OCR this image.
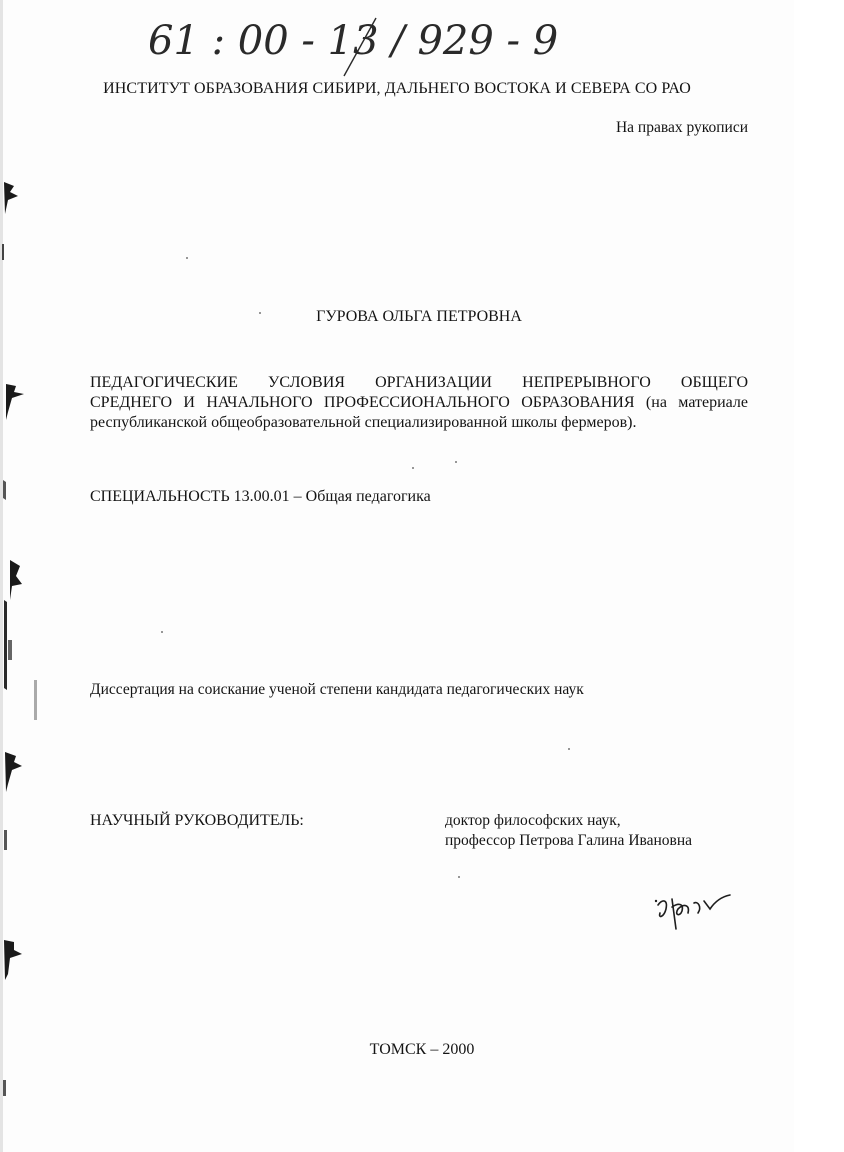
61 : 00 - 13 / 929 - 9
ИНСТИТУТ ОБРАЗОВАНИЯ СИБИРИ, ДАЛЬНЕГО ВОСТОКА И СЕВЕРА СО РАО
На правах рукописи
ГУРОВА ОЛЬГА ПЕТРОВНА
ПЕДАГОГИЧЕСКИЕ УСЛОВИЯ ОРГАНИЗАЦИИ НЕПРЕРЫВНОГО ОБЩЕГО
СРЕДНЕГО И НАЧАЛЬНОГО ПРОФЕССИОНАЛЬНОГО ОБРАЗОВАНИЯ (на материале
республиканской общеобразовательной специализированной школы фермеров).
СПЕЦИАЛЬНОСТЬ 13.00.01 – Общая педагогика
Диссертация на соискание ученой степени кандидата педагогических наук
НАУЧНЫЙ РУКОВОДИТЕЛЬ:	доктор философских наук,
профессор Петрова Галина Ивановна
ТОМСК – 2000
